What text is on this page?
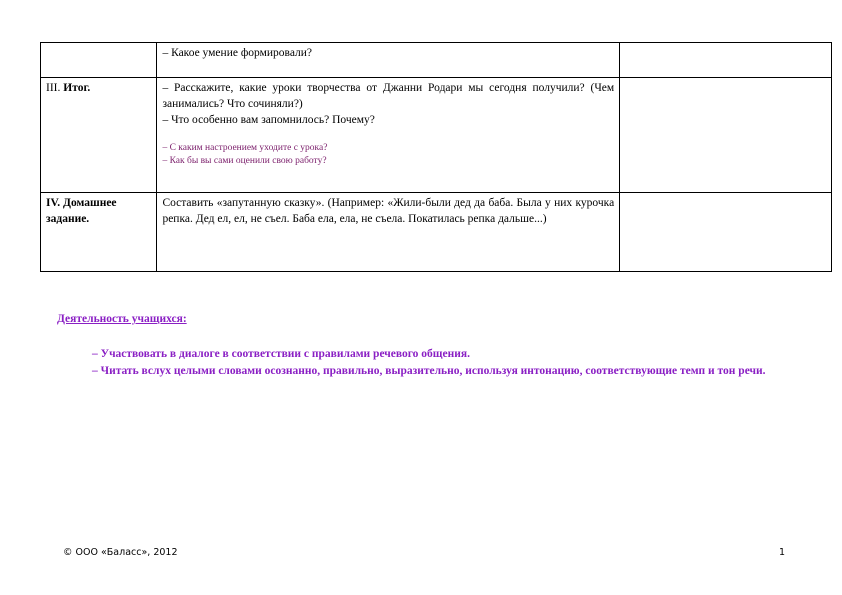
	– Какое умение формировали?	

III. Итог.	– Расскажите, какие уроки творчества от Джанни Родари мы сегодня получили? (Чем занимались? Что сочиняли?)
– Что особенно вам запомнилось? Почему?
– С каким настроением уходите с урока?
– Как бы вы сами оценили свою работу?	

IV. Домашнее задание.	Составить «запутанную сказку». (Например: «Жили-были дед да баба. Была у них курочка репка. Дед ел, ел, не съел. Баба ела, ела, не съела. Покатилась репка дальше...)	

Деятельность учащихся:
– Участвовать в диалоге в соответствии с правилами речевого общения.
– Читать вслух целыми словами осознанно, правильно, выразительно, используя интонацию, соответствующие темп и тон речи.
© ООО «Баласс», 2012	1
